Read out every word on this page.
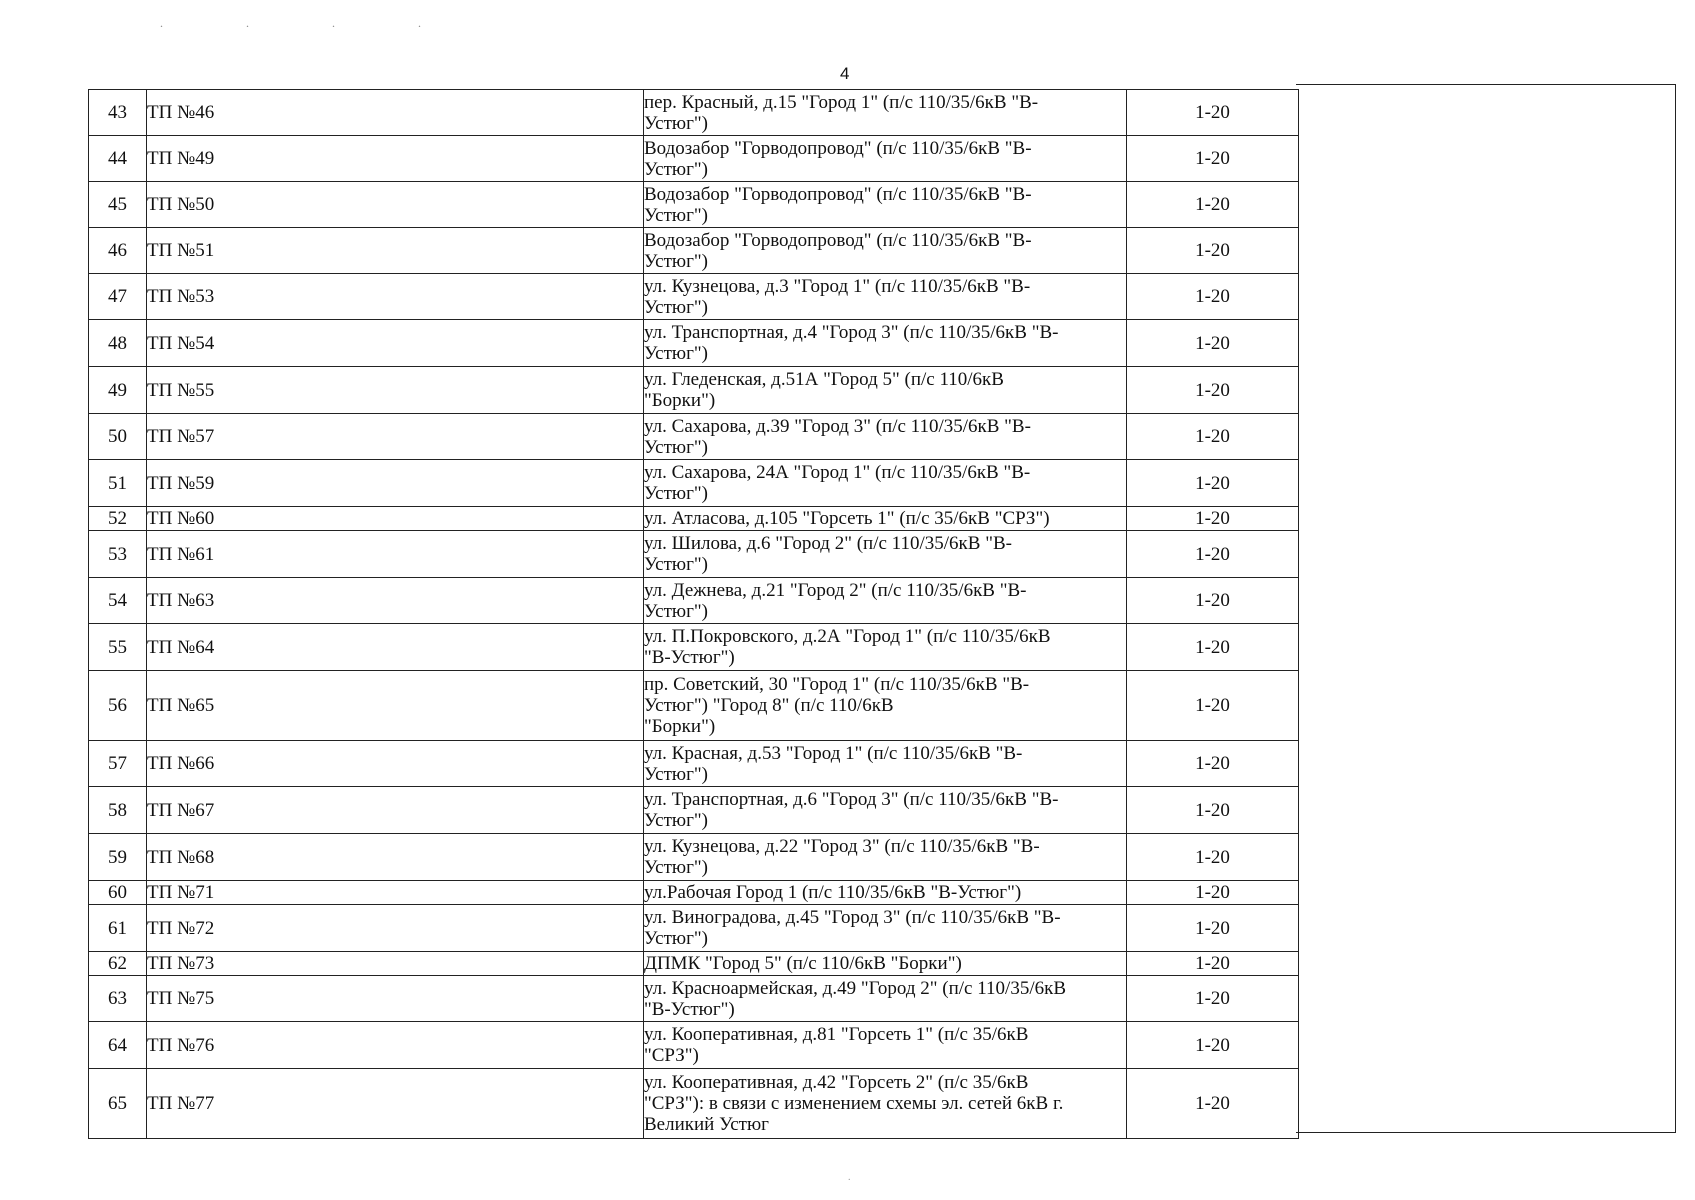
. . . .
4
43	ТП №46	пер. Красный, д.15 "Город 1" (п/с 110/35/6кВ "В-
Устюг")	1-20
44	ТП №49	Водозабор "Горводопровод" (п/с 110/35/6кВ "В-
Устюг")	1-20
45	ТП №50	Водозабор "Горводопровод" (п/с 110/35/6кВ "В-
Устюг")	1-20
46	ТП №51	Водозабор "Горводопровод" (п/с 110/35/6кВ "В-
Устюг")	1-20
47	ТП №53	ул. Кузнецова, д.3 "Город 1" (п/с 110/35/6кВ "В-
Устюг")	1-20
48	ТП №54	ул. Транспортная, д.4 "Город 3" (п/с 110/35/6кВ "В-
Устюг")	1-20
49	ТП №55	ул. Гледенская, д.51А "Город 5" (п/с 110/6кВ
"Борки")	1-20
50	ТП №57	ул. Сахарова, д.39 "Город 3" (п/с 110/35/6кВ "В-
Устюг")	1-20
51	ТП №59	ул. Сахарова, 24А "Город 1" (п/с 110/35/6кВ "В-
Устюг")	1-20
52	ТП №60	ул. Атласова, д.105 "Горсеть 1" (п/с 35/6кВ "СРЗ")	1-20
53	ТП №61	ул. Шилова, д.6 "Город 2" (п/с 110/35/6кВ "В-
Устюг")	1-20
54	ТП №63	ул. Дежнева, д.21 "Город 2" (п/с 110/35/6кВ "В-
Устюг")	1-20
55	ТП №64	ул. П.Покровского, д.2А "Город 1" (п/с 110/35/6кВ
"В-Устюг")	1-20
56	ТП №65	пр. Советский, 30 "Город 1" (п/с 110/35/6кВ "В-
Устюг") "Город 8" (п/с 110/6кВ
"Борки")	1-20
57	ТП №66	ул. Красная, д.53 "Город 1" (п/с 110/35/6кВ "В-
Устюг")	1-20
58	ТП №67	ул. Транспортная, д.6 "Город 3" (п/с 110/35/6кВ "В-
Устюг")	1-20
59	ТП №68	ул. Кузнецова, д.22 "Город 3" (п/с 110/35/6кВ "В-
Устюг")	1-20
60	ТП №71	ул.Рабочая Город 1 (п/с 110/35/6кВ "В-Устюг")	1-20
61	ТП №72	ул. Виноградова, д.45 "Город 3" (п/с 110/35/6кВ "В-
Устюг")	1-20
62	ТП №73	ДПМК "Город 5" (п/с 110/6кВ "Борки")	1-20
63	ТП №75	ул. Красноармейская, д.49 "Город 2" (п/с 110/35/6кВ
"В-Устюг")	1-20
64	ТП №76	ул. Кооперативная, д.81 "Горсеть 1" (п/с 35/6кВ
"СРЗ")	1-20
65	ТП №77	ул. Кооперативная, д.42 "Горсеть 2" (п/с 35/6кВ
"СРЗ"): в связи с изменением схемы эл. сетей 6кВ г.
Великий Устюг	1-20
.
